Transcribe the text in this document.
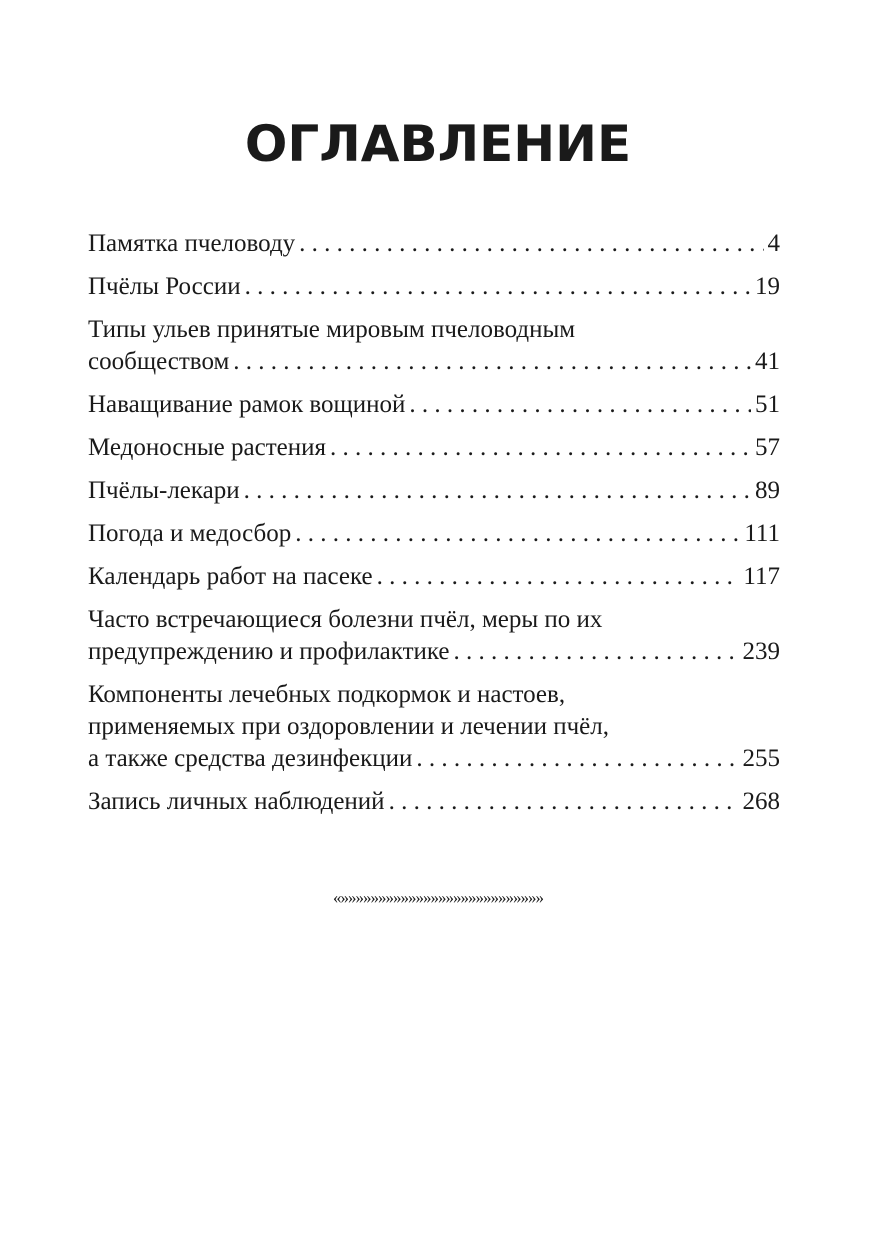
ОГЛАВЛЕНИЕ
Памятка пчеловоду . . .	4
Пчёлы России . . .	19
Типы ульев принятые мировым пчеловодным
сообществом . . .	41
Наващивание рамок вощиной . . .	51
Медоносные растения . . .	57
Пчёлы-лекари . . .	89
Погода и медосбор . . .	111
Календарь работ на пасеке . . .	117
Часто встречающиеся болезни пчёл, меры по их
предупреждению и профилактике . . .	239
Компоненты лечебных подкормок и настоев,
применяемых при оздоровлении и лечении пчёл,
а также средства дезинфекции . . .	255
Запись личных наблюдений . . .	268
«»»»»»»»»»»»»»»»»»»»»»»»»»»»
